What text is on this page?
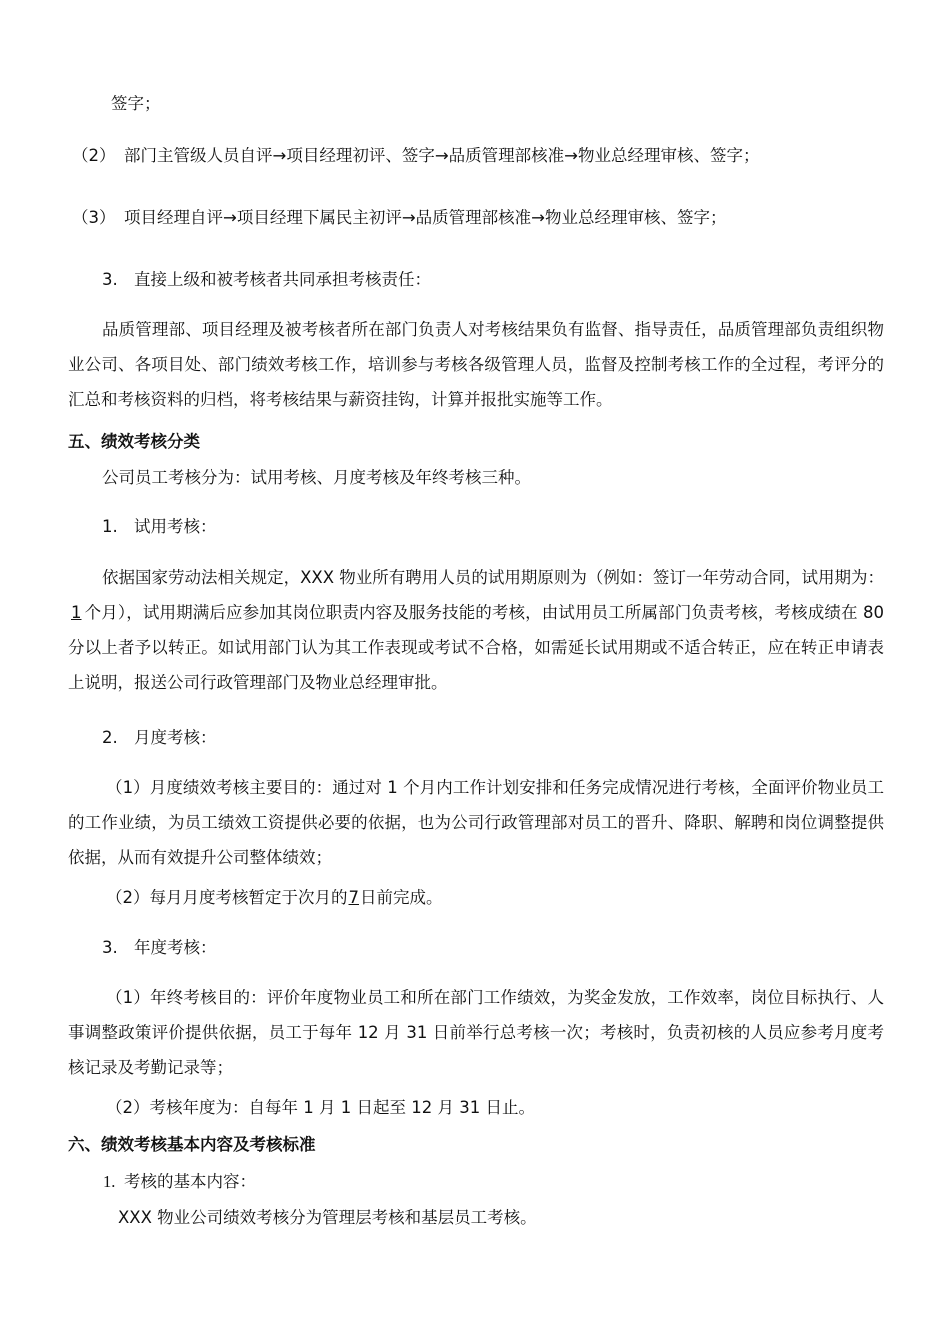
签字；
（2） 部门主管级人员自评→项目经理初评、签字→品质管理部核准→物业总经理审核、签字；
（3） 项目经理自评→项目经理下属民主初评→品质管理部核准→物业总经理审核、签字；
3. 直接上级和被考核者共同承担考核责任：
品质管理部、项目经理及被考核者所在部门负责人对考核结果负有监督、指导责任，品质管理部负责组织物业公司、各项目处、部门绩效考核工作，培训参与考核各级管理人员，监督及控制考核工作的全过程，考评分的汇总和考核资料的归档，将考核结果与薪资挂钩，计算并报批实施等工作。
五、绩效考核分类
公司员工考核分为：试用考核、月度考核及年终考核三种。
1. 试用考核：
依据国家劳动法相关规定，XXX 物业所有聘用人员的试用期原则为（例如：签订一年劳动合同，试用期为：1 个月），试用期满后应参加其岗位职责内容及服务技能的考核，由试用员工所属部门负责考核，考核成绩在 80 分以上者予以转正。如试用部门认为其工作表现或考试不合格，如需延长试用期或不适合转正，应在转正申请表上说明，报送公司行政管理部门及物业总经理审批。
2. 月度考核：
（1）月度绩效考核主要目的：通过对 1 个月内工作计划安排和任务完成情况进行考核，全面评价物业员工的工作业绩，为员工绩效工资提供必要的依据，也为公司行政管理部对员工的晋升、降职、解聘和岗位调整提供依据，从而有效提升公司整体绩效；
（2）每月月度考核暂定于次月的7日前完成。
3. 年度考核：
（1）年终考核目的：评价年度物业员工和所在部门工作绩效，为奖金发放，工作效率，岗位目标执行、人事调整政策评价提供依据，员工于每年 12 月 31 日前举行总考核一次；考核时，负责初核的人员应参考月度考核记录及考勤记录等；
（2）考核年度为：自每年 1 月 1 日起至 12 月 31 日止。
六、绩效考核基本内容及考核标准
1. 考核的基本内容：
XXX 物业公司绩效考核分为管理层考核和基层员工考核。
